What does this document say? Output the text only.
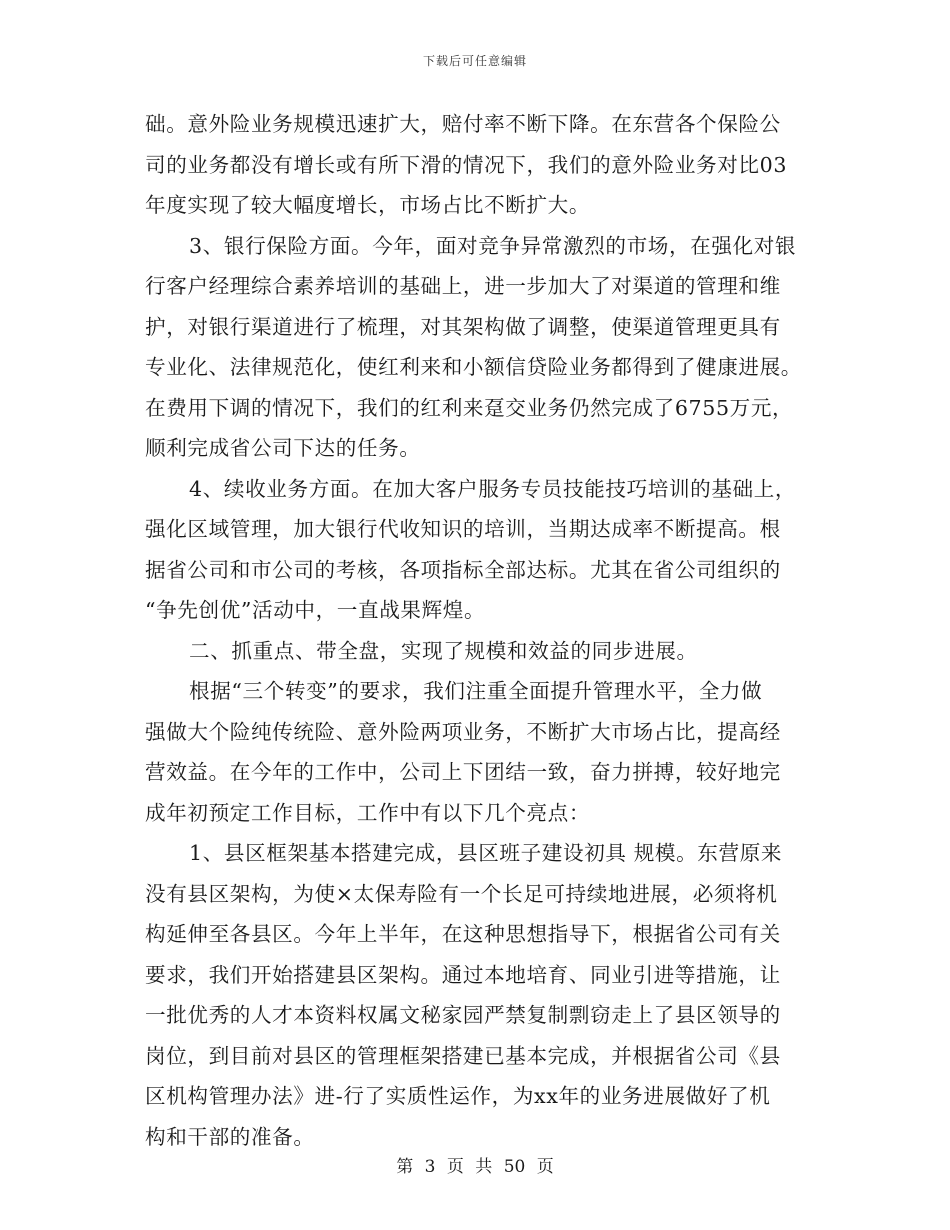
下载后可任意编辑
础。意外险业务规模迅速扩大，赔付率不断下降。在东营各个保险公
司的业务都没有增长或有所下滑的情况下，我们的意外险业务对比03
年度实现了较大幅度增长，市场占比不断扩大。
3、银行保险方面。今年，面对竞争异常激烈的市场，在强化对银
行客户经理综合素养培训的基础上，进一步加大了对渠道的管理和维
护，对银行渠道进行了梳理，对其架构做了调整，使渠道管理更具有
专业化、法律规范化，使红利来和小额信贷险业务都得到了健康进展。
在费用下调的情况下，我们的红利来趸交业务仍然完成了6755万元，
顺利完成省公司下达的任务。
4、续收业务方面。在加大客户服务专员技能技巧培训的基础上，
强化区域管理，加大银行代收知识的培训，当期达成率不断提高。根
据省公司和市公司的考核，各项指标全部达标。尤其在省公司组织的
“争先创优”活动中，一直战果辉煌。
二、抓重点、带全盘，实现了规模和效益的同步进展。
根据“三个转变”的要求，我们注重全面提升管理水平，全力做
强做大个险纯传统险、意外险两项业务，不断扩大市场占比，提高经
营效益。在今年的工作中，公司上下团结一致，奋力拼搏，较好地完
成年初预定工作目标，工作中有以下几个亮点：
1、县区框架基本搭建完成，县区班子建设初具 规模。东营原来
没有县区架构，为使×太保寿险有一个长足可持续地进展，必须将机
构延伸至各县区。今年上半年，在这种思想指导下，根据省公司有关
要求，我们开始搭建县区架构。通过本地培育、同业引进等措施，让
一批优秀的人才本资料权属文秘家园严禁复制剽窃走上了县区领导的
岗位，到目前对县区的管理框架搭建已基本完成，并根据省公司《县
区机构管理办法》进-行了实质性运作，为xx年的业务进展做好了机
构和干部的准备。
第 3 页 共 50 页
